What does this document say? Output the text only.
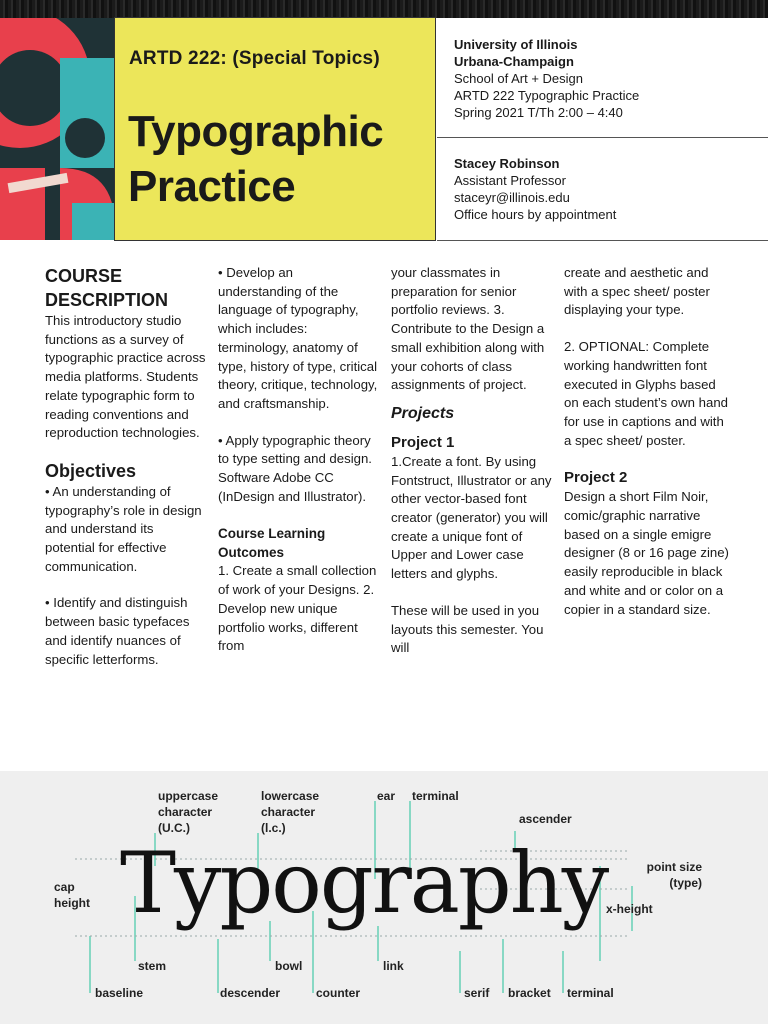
ARTD 222: (Special Topics)
Typographic
Practice
University of Illinois
Urbana-Champaign
School of Art + Design
ARTD 222 Typographic Practice
Spring 2021 T/Th 2:00 – 4:40
Stacey Robinson
Assistant Professor
staceyr@illinois.edu
Office hours by appointment
COURSE
DESCRIPTION

This introductory studio functions as a survey of typographic practice across media platforms. Students relate typographic form to reading conventions and reproduction technologies.

Objectives

• An understanding of typography’s role in design and understand its potential for effective communication.

• Identify and distinguish between basic typefaces and identify nuances of specific letterforms.

• Develop an understanding of the language of typography, which includes: terminology, anatomy of type, history of type, critical theory, critique, technology, and craftsmanship.

• Apply typographic theory to type setting and design. Software Adobe CC (InDesign and Illustrator).

Course Learning Outcomes

1. Create a small collection of work of your Designs. 2. Develop new unique portfolio works, different from

your classmates in preparation for senior portfolio reviews. 3. Contribute to the Design a small exhibition along with your cohorts of class assignments of project.

Projects
Project 1

1.Create a font. By using Fontstruct, Illustrator or any other vector-based font creator (generator) you will create a unique font of Upper and Lower case letters and glyphs.

These will be used in you layouts this semester. You will

create and aesthetic and with a spec sheet/ poster displaying your type.

2. OPTIONAL: Complete working handwritten font executed in Glyphs based on each student’s own hand for use in captions and with a spec sheet/ poster.

Project 2

Design a short Film Noir, comic/graphic narrative based on a single emigre designer (8 or 16 page zine) easily reproducible in black and white and or color on a copier in a standard size.

Typography
uppercase character (U.C.)
lowercase character (l.c.)
ear terminal
ascender
point size (type)
cap height	x-height
stem	bowl	link
baseline	descender	counter	serif bracket terminal
